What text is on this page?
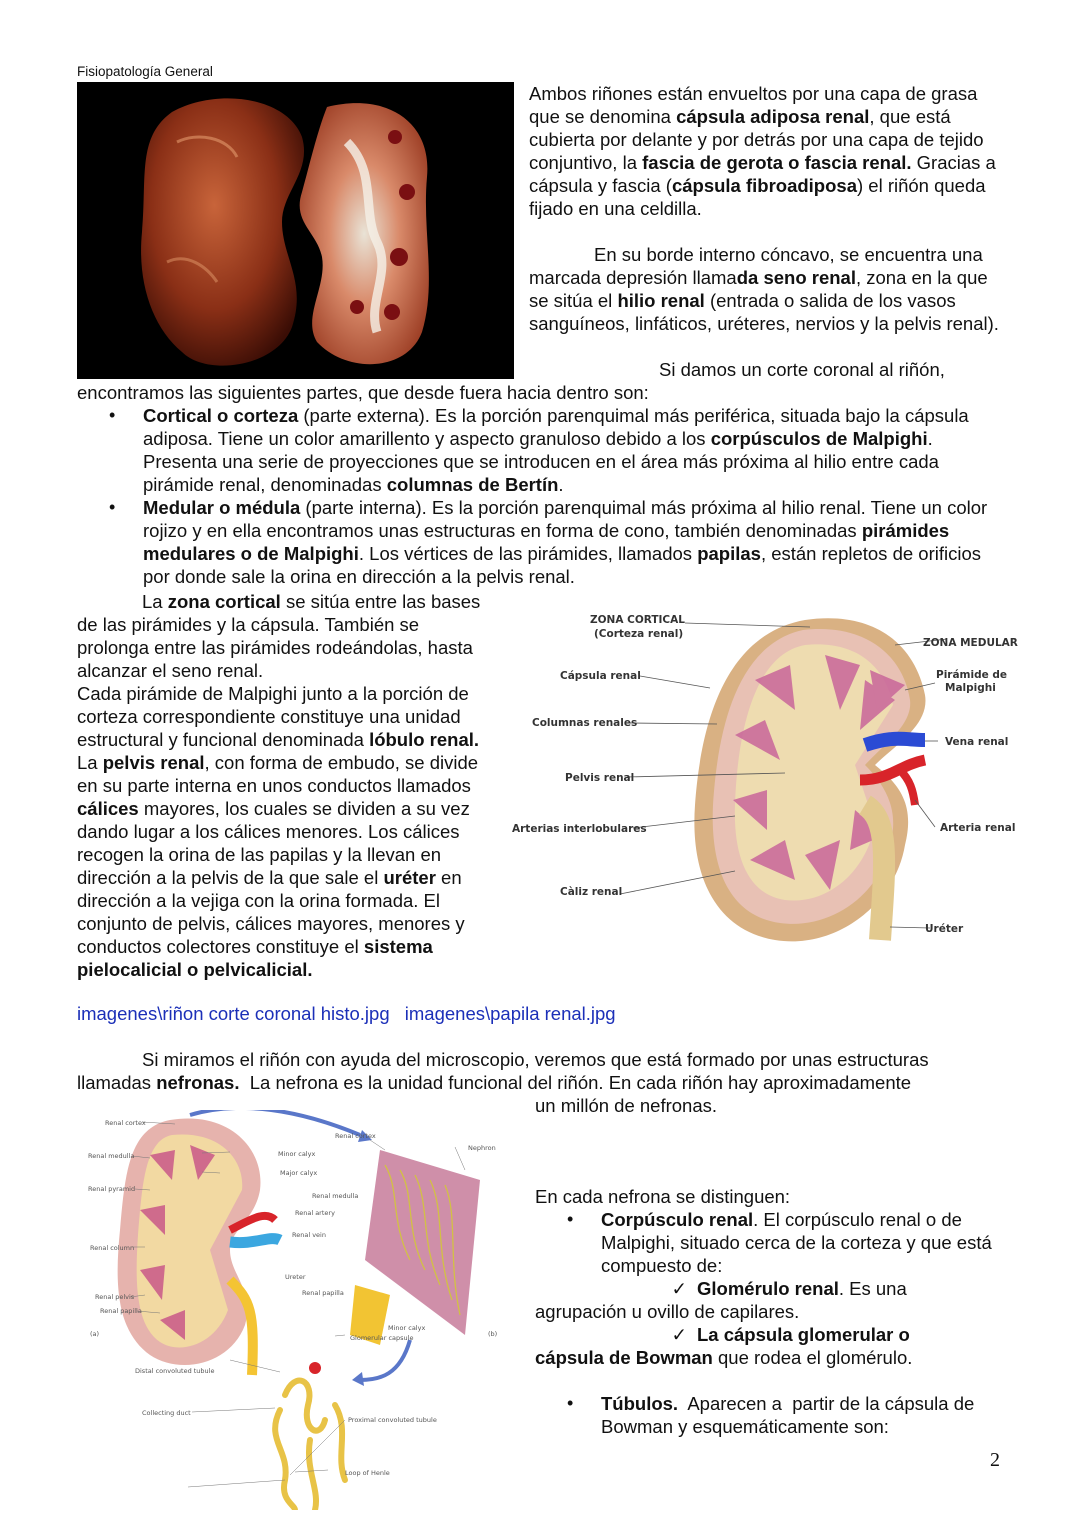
Fisiopatología General
Ambos riñones están envueltos por una capa de grasa que se denomina cápsula adiposa renal, que está cubierta por delante y por detrás por una capa de tejido conjuntivo, la fascia de gerota o fascia renal. Gracias a cápsula y fascia (cápsula fibroadiposa) el riñón queda fijado en una celdilla.
En su borde interno cóncavo, se encuentra una marcada depresión llamada seno renal, zona en la que se sitúa el hilio renal (entrada o salida de los vasos sanguíneos, linfáticos, uréteres, nervios y la pelvis renal).
Si damos un corte coronal al riñón,
encontramos las siguientes partes, que desde fuera hacia dentro son:
• Cortical o corteza (parte externa). Es la porción parenquimal más periférica, situada bajo la cápsula adiposa. Tiene un color amarillento y aspecto granuloso debido a los corpúsculos de Malpighi. Presenta una serie de proyecciones que se introducen en el área más próxima al hilio entre cada pirámide renal, denominadas columnas de Bertín.
• Medular o médula (parte interna). Es la porción parenquimal más próxima al hilio renal. Tiene un color rojizo y en ella encontramos unas estructuras en forma de cono, también denominadas pirámides medulares o de Malpighi. Los vértices de las pirámides, llamados papilas, están repletos de orificios por donde sale la orina en dirección a la pelvis renal.
La zona cortical se sitúa entre las bases de las pirámides y la cápsula. También se prolonga entre las pirámides rodeándolas, hasta alcanzar el seno renal.
Cada pirámide de Malpighi junto a la porción de corteza correspondiente constituye una unidad estructural y funcional denominada lóbulo renal. La pelvis renal, con forma de embudo, se divide en su parte interna en unos conductos llamados cálices mayores, los cuales se dividen a su vez dando lugar a los cálices menores. Los cálices recogen la orina de las papilas y la llevan en dirección a la pelvis de la que sale el uréter en dirección a la vejiga con la orina formada. El conjunto de pelvis, cálices mayores, menores y conductos colectores constituye el sistema pielocalicial o pelvicalicial.
ZONA CORTICAL
(Corteza renal)
Cápsula renal
Columnas renales
Pelvis renal
Arterias interlobulares
Càliz renal
ZONA MEDULAR
Pirámide de
Malpighi
Vena renal
Arteria renal
Uréter
imagenes\riñon corte coronal histo.jpg imagenes\papila renal.jpg
Si miramos el riñón con ayuda del microscopio, veremos que está formado por unas estructuras llamadas nefronas.  La nefrona es la unidad funcional del riñón. En cada riñón hay aproximadamente
un millón de nefronas.
Renal cortex
Renal medulla
Renal pyramid
Renal column
Renal pelvis
Renal papilla
(a)
Minor calyx
Major calyx
Renal medulla
Renal artery
Renal vein
Ureter
Renal papilla
Renal cortex
Nephron
Minor calyx
Glomerular capsule	(b)
Distal convoluted tubule
Collecting duct
Proximal convoluted tubule
Loop of Henle
En cada nefrona se distinguen:
• Corpúsculo renal. El corpúsculo renal o de Malpighi, situado cerca de la corteza y que está compuesto de:
✓ Glomérulo renal. Es una
agrupación u ovillo de capilares.
✓ La cápsula glomerular o
cápsula de Bowman que rodea el glomérulo.
• Túbulos.  Aparecen a  partir de la cápsula de Bowman y esquemáticamente son:
2
